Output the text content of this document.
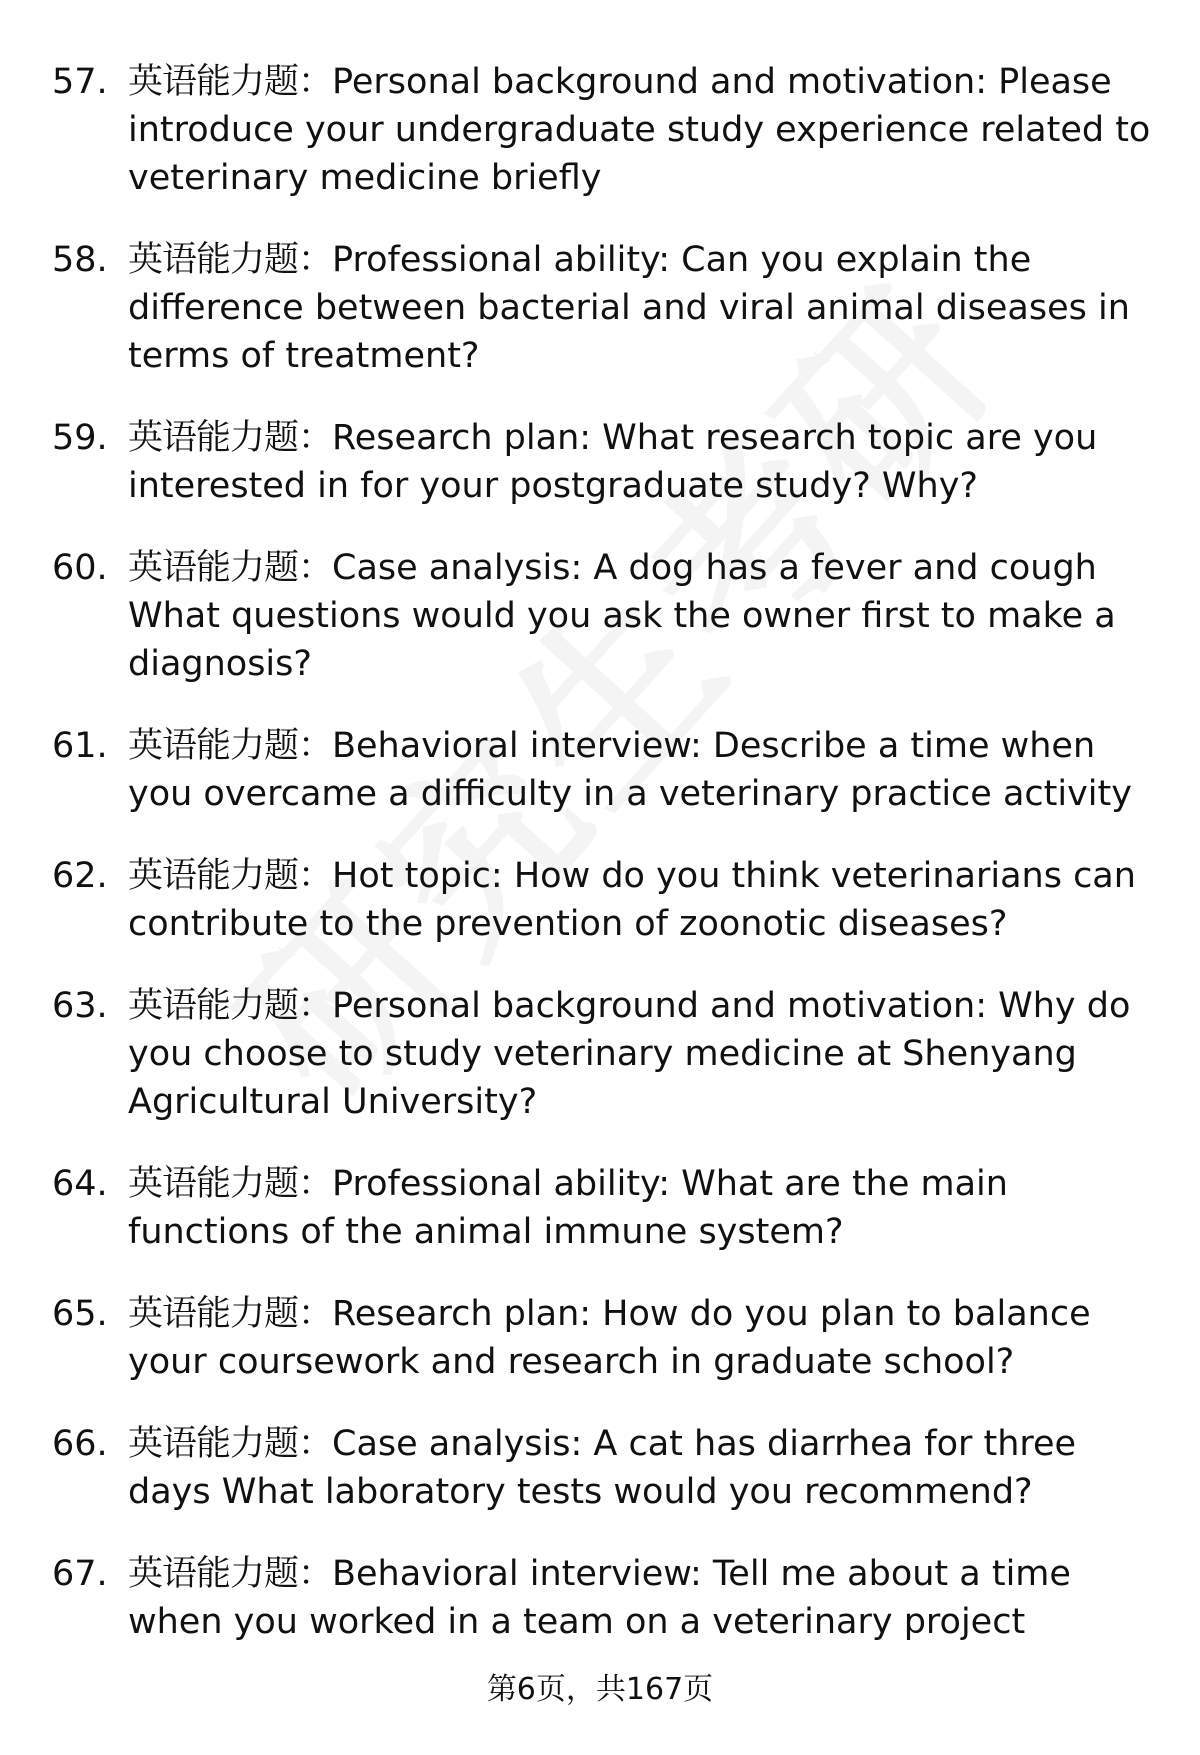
57. 英语能力题：Personal background and motivation: Please introduce your undergraduate study experience related to veterinary medicine briefly
58. 英语能力题：Professional ability: Can you explain the difference between bacterial and viral animal diseases in terms of treatment?
59. 英语能力题：Research plan: What research topic are you interested in for your postgraduate study? Why?
60. 英语能力题：Case analysis: A dog has a fever and cough What questions would you ask the owner first to make a diagnosis?
61. 英语能力题：Behavioral interview: Describe a time when you overcame a difficulty in a veterinary practice activity
62. 英语能力题：Hot topic: How do you think veterinarians can contribute to the prevention of zoonotic diseases?
63. 英语能力题：Personal background and motivation: Why do you choose to study veterinary medicine at Shenyang Agricultural University?
64. 英语能力题：Professional ability: What are the main functions of the animal immune system?
65. 英语能力题：Research plan: How do you plan to balance your coursework and research in graduate school?
66. 英语能力题：Case analysis: A cat has diarrhea for three days What laboratory tests would you recommend?
67. 英语能力题：Behavioral interview: Tell me about a time when you worked in a team on a veterinary project
第6页，共167页
